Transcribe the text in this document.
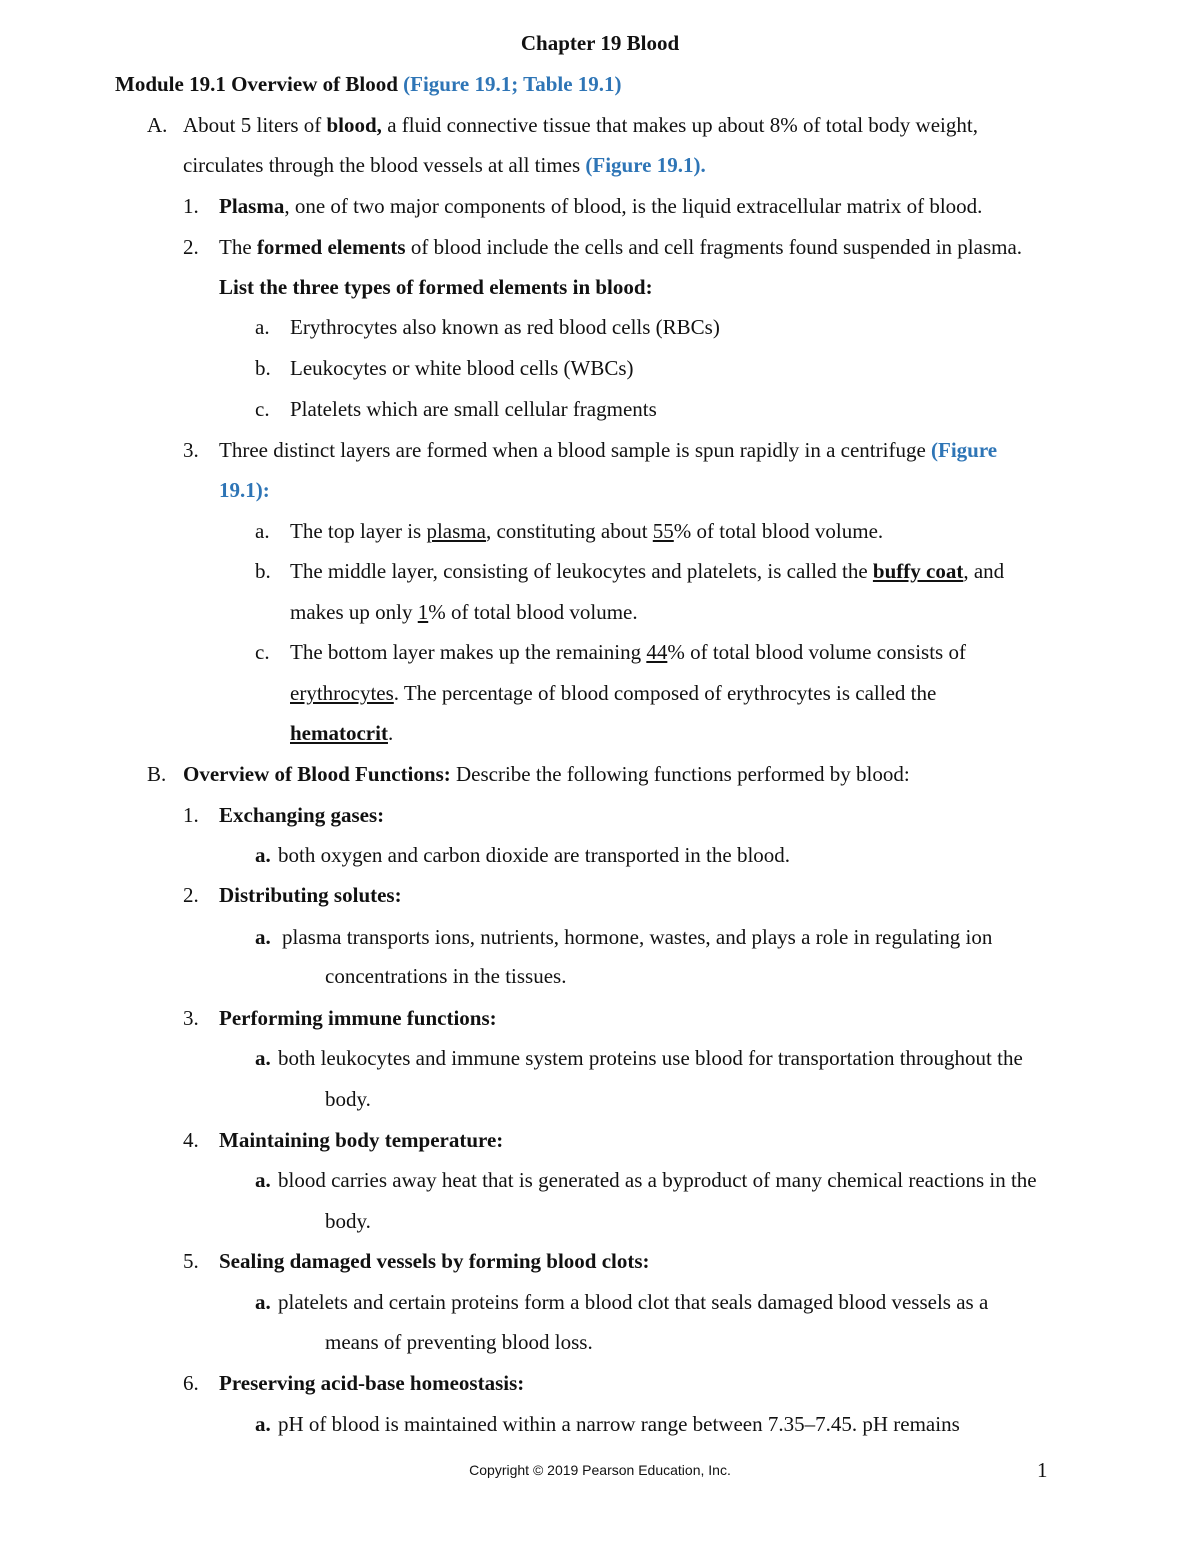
Chapter 19 Blood
Module 19.1 Overview of Blood (Figure 19.1; Table 19.1)
A. About 5 liters of blood, a fluid connective tissue that makes up about 8% of total body weight,
circulates through the blood vessels at all times (Figure 19.1).
1. Plasma, one of two major components of blood, is the liquid extracellular matrix of blood.
2. The formed elements of blood include the cells and cell fragments found suspended in plasma.
List the three types of formed elements in blood:
a. Erythrocytes also known as red blood cells (RBCs)
b. Leukocytes or white blood cells (WBCs)
c. Platelets which are small cellular fragments
3. Three distinct layers are formed when a blood sample is spun rapidly in a centrifuge (Figure
19.1):
a. The top layer is plasma, constituting about 55% of total blood volume.
b. The middle layer, consisting of leukocytes and platelets, is called the buffy coat, and
makes up only 1% of total blood volume.
c. The bottom layer makes up the remaining 44% of total blood volume consists of
erythrocytes. The percentage of blood composed of erythrocytes is called the
hematocrit.
B. Overview of Blood Functions: Describe the following functions performed by blood:
1. Exchanging gases:
a. both oxygen and carbon dioxide are transported in the blood.
2. Distributing solutes:
a. plasma transports ions, nutrients, hormone, wastes, and plays a role in regulating ion
concentrations in the tissues.
3. Performing immune functions:
a. both leukocytes and immune system proteins use blood for transportation throughout the
body.
4. Maintaining body temperature:
a. blood carries away heat that is generated as a byproduct of many chemical reactions in the
body.
5. Sealing damaged vessels by forming blood clots:
a. platelets and certain proteins form a blood clot that seals damaged blood vessels as a
means of preventing blood loss.
6. Preserving acid-base homeostasis:
a. pH of blood is maintained within a narrow range between 7.35–7.45. pH remains
Copyright © 2019 Pearson Education, Inc.	1
